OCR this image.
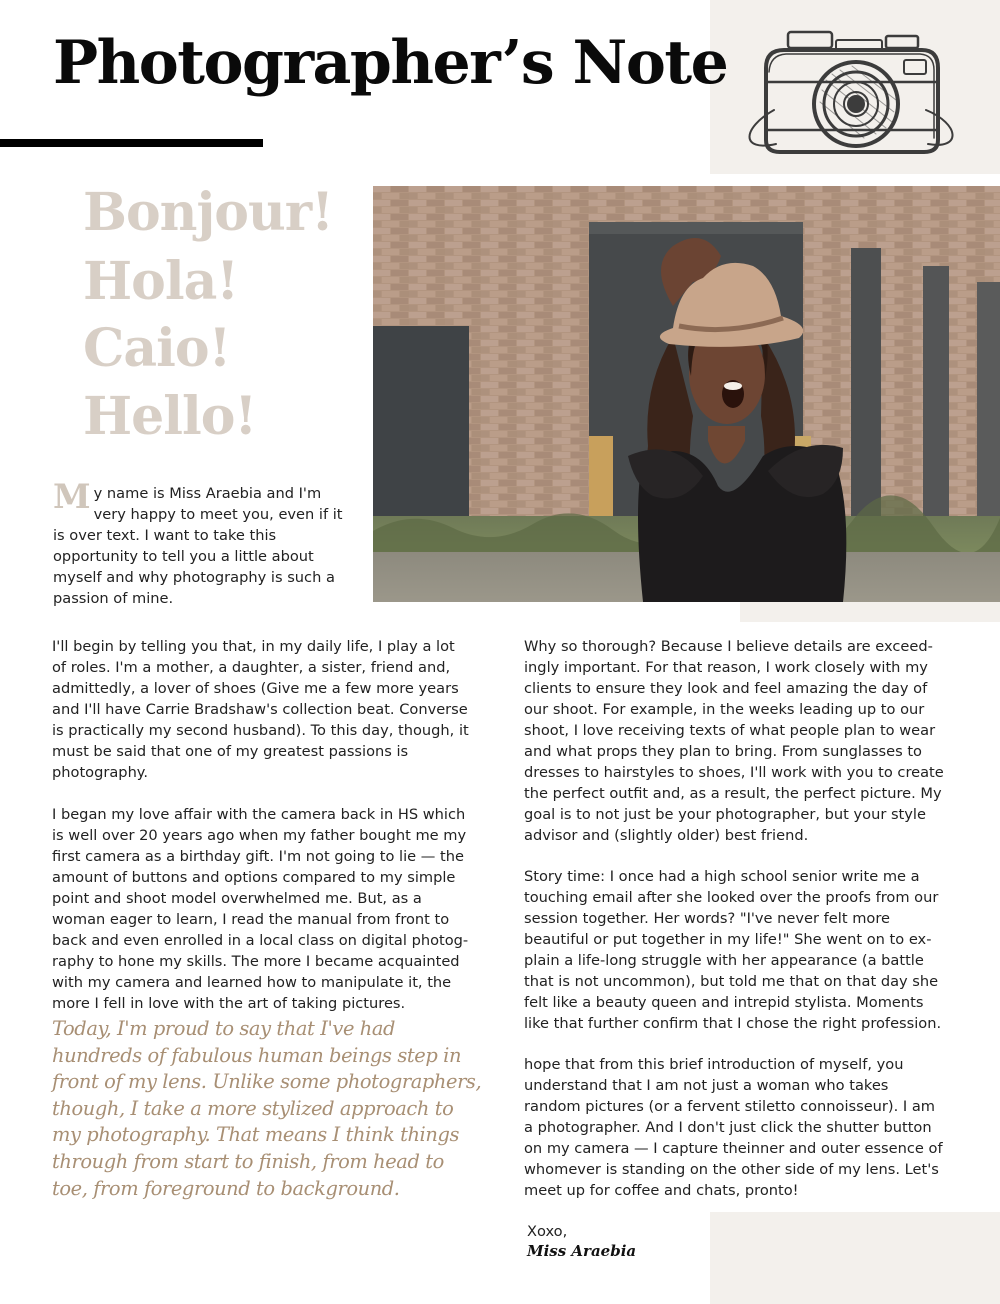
Photographer’s Note

Bonjour!

Hola!

Caio!

Hello!

My name is Miss Araebia and I'm very happy to meet you, even if it is over text. I want to take this opportunity to tell you a little about myself and why photography is such a passion of mine.

I'll begin by telling you that, in my daily life, I play a lot of roles. I'm a mother, a daughter, a sister, friend and, admittedly, a lover of shoes (Give me a few more years and I'll have Carrie Bradshaw's collection beat. Converse is practically my second husband). To this day, though, it must be said that one of my greatest passions is photography.

I began my love affair with the camera back in HS which is well over 20 years ago when my father bought me my first camera as a birthday gift. I'm not going to lie — the amount of buttons and options compared to my simple point and shoot model overwhelmed me. But, as a woman eager to learn, I read the manual from front to back and even enrolled in a local class on digital photog-raphy to hone my skills. The more I became acquainted with my camera and learned how to manipulate it, the more I fell in love with the art of taking pictures.

Today, I'm proud to say that I've had hundreds of fabulous human beings step in front of my lens. Unlike some photographers, though, I take a more stylized approach to my photography. That means I think things through from start to finish, from head to toe, from foreground to background.

Why so thorough? Because I believe details are exceed-ingly important. For that reason, I work closely with my clients to ensure they look and feel amazing the day of our shoot. For example, in the weeks leading up to our shoot, I love receiving texts of what people plan to wear and what props they plan to bring. From sunglasses to dresses to hairstyles to shoes, I'll work with you to create the perfect outfit and, as a result, the perfect picture. My goal is to not just be your photographer, but your style advisor and (slightly older) best friend.

Story time: I once had a high school senior write me a touching email after she looked over the proofs from our session together. Her words? "I've never felt more beautiful or put together in my life!" She went on to ex-plain a life-long struggle with her appearance (a battle that is not uncommon), but told me that on that day she felt like a beauty queen and intrepid stylista. Moments like that further confirm that I chose the right profession.

hope that from this brief introduction of myself, you understand that I am not just a woman who takes random pictures (or a fervent stiletto connoisseur). I am a photographer. And I don't just click the shutter button on my camera — I capture theinner and outer essence of whomever is standing on the other side of my lens. Let's meet up for coffee and chats, pronto!

Xoxo,

Miss Araebia
